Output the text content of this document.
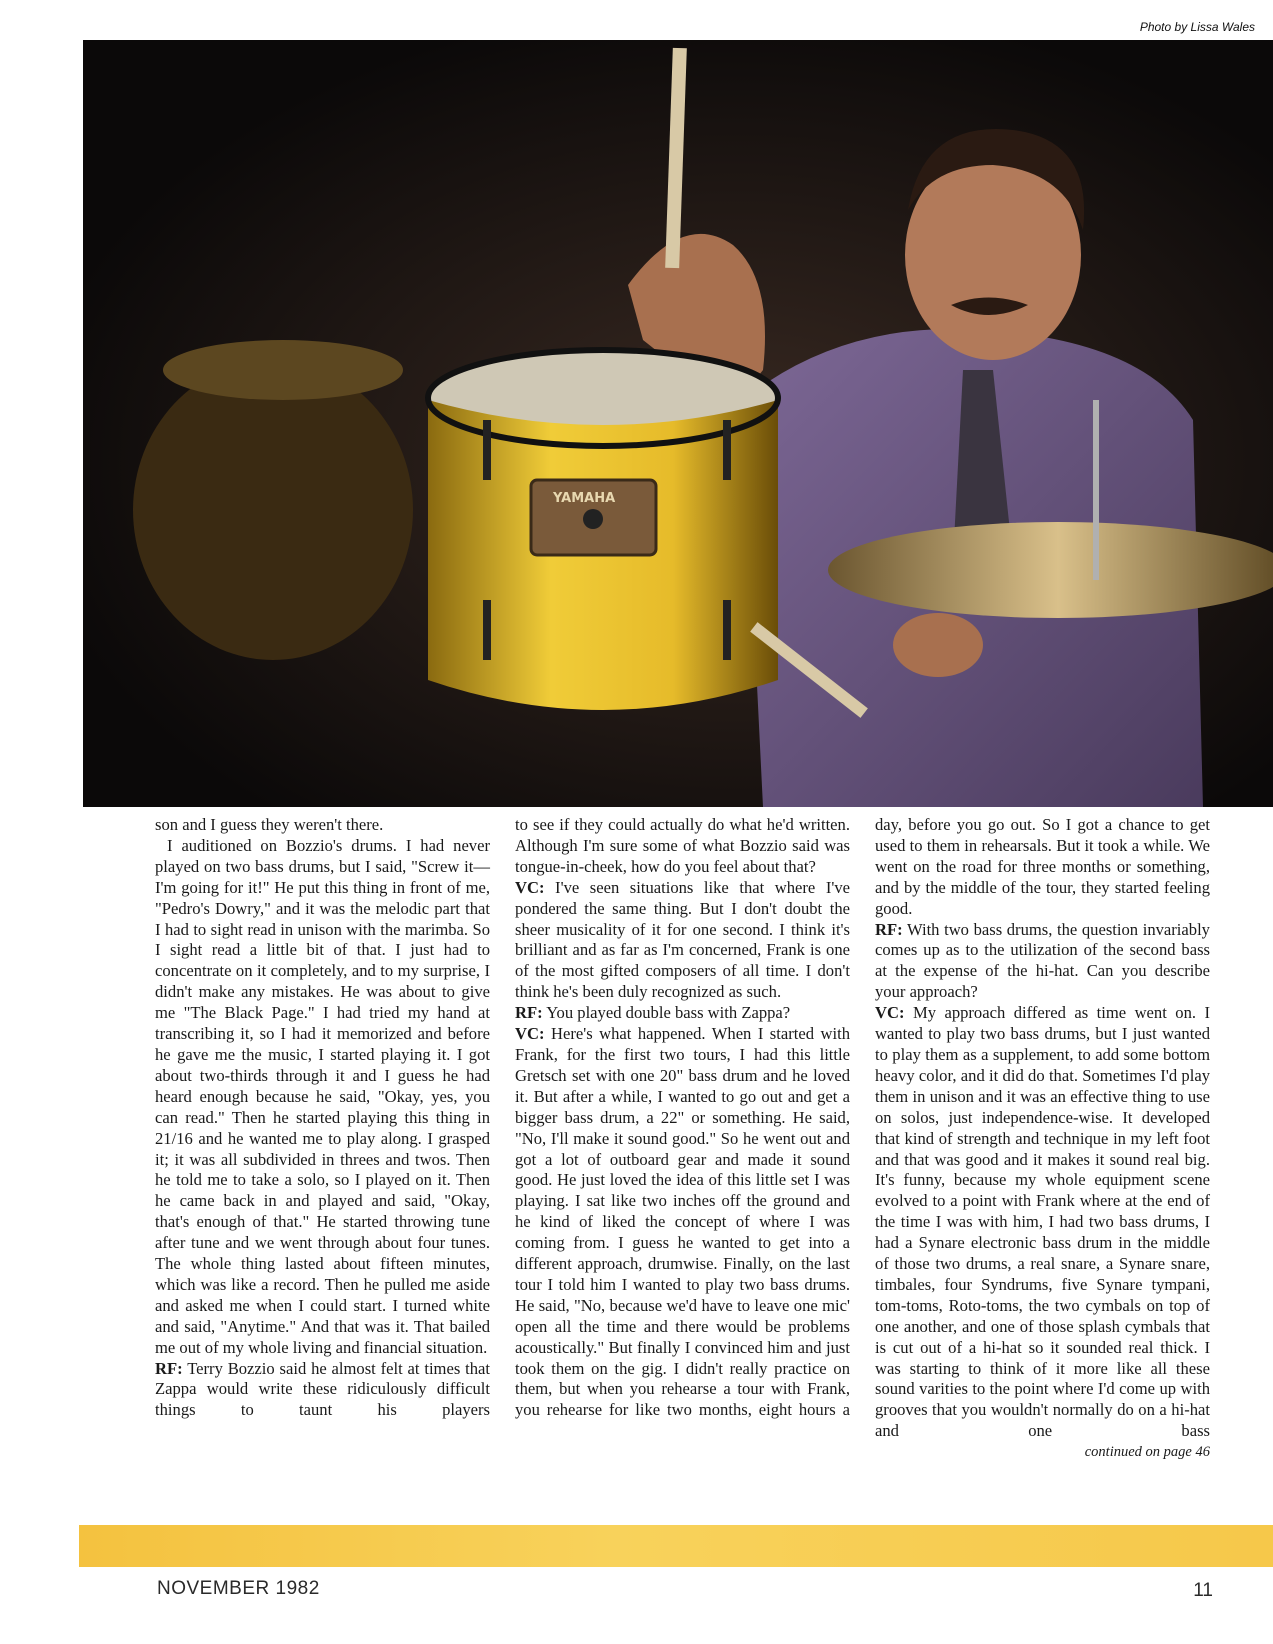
Photo by Lissa Wales
YAMAHA

son and I guess they weren't there.

I auditioned on Bozzio's drums. I had never played on two bass drums, but I said, "Screw it—I'm going for it!" He put this thing in front of me, "Pedro's Dowry," and it was the melodic part that I had to sight read in unison with the marimba. So I sight read a little bit of that. I just had to concentrate on it completely, and to my surprise, I didn't make any mistakes. He was about to give me "The Black Page." I had tried my hand at transcribing it, so I had it memorized and before he gave me the music, I started playing it. I got about two-thirds through it and I guess he had heard enough because he said, "Okay, yes, you can read." Then he started playing this thing in 21/16 and he wanted me to play along. I grasped it; it was all subdivided in threes and twos. Then he told me to take a solo, so I played on it. Then he came back in and played and said, "Okay, that's enough of that." He started throwing tune after tune and we went through about four tunes. The whole thing lasted about fifteen minutes, which was like a record. Then he pulled me aside and asked me when I could start. I turned white and said, "Anytime." And that was it. That bailed me out of my whole living and financial situation.

RF: Terry Bozzio said he almost felt at times that Zappa would write these ridiculously difficult things to taunt his players

to see if they could actually do what he'd written. Although I'm sure some of what Bozzio said was tongue-in-cheek, how do you feel about that?

VC: I've seen situations like that where I've pondered the same thing. But I don't doubt the sheer musicality of it for one second. I think it's brilliant and as far as I'm concerned, Frank is one of the most gifted composers of all time. I don't think he's been duly recognized as such.

RF: You played double bass with Zappa?

VC: Here's what happened. When I started with Frank, for the first two tours, I had this little Gretsch set with one 20" bass drum and he loved it. But after a while, I wanted to go out and get a bigger bass drum, a 22" or something. He said, "No, I'll make it sound good." So he went out and got a lot of outboard gear and made it sound good. He just loved the idea of this little set I was playing. I sat like two inches off the ground and he kind of liked the concept of where I was coming from. I guess he wanted to get into a different approach, drumwise. Finally, on the last tour I told him I wanted to play two bass drums. He said, "No, because we'd have to leave one mic' open all the time and there would be problems acoustically." But finally I convinced him and just took them on the gig. I didn't really practice on them, but when you rehearse a tour with Frank, you rehearse for like two months, eight hours a

day, before you go out. So I got a chance to get used to them in rehearsals. But it took a while. We went on the road for three months or something, and by the middle of the tour, they started feeling good.

RF: With two bass drums, the question invariably comes up as to the utilization of the second bass at the expense of the hi-hat. Can you describe your approach?

VC: My approach differed as time went on. I wanted to play two bass drums, but I just wanted to play them as a supplement, to add some bottom heavy color, and it did do that. Sometimes I'd play them in unison and it was an effective thing to use on solos, just independence-wise. It developed that kind of strength and technique in my left foot and that was good and it makes it sound real big. It's funny, because my whole equipment scene evolved to a point with Frank where at the end of the time I was with him, I had two bass drums, I had a Synare electronic bass drum in the middle of those two drums, a real snare, a Synare snare, timbales, four Syndrums, five Synare tympani, tom-toms, Roto-toms, the two cymbals on top of one another, and one of those splash cymbals that is cut out of a hi-hat so it sounded real thick. I was starting to think of it more like all these sound varities to the point where I'd come up with grooves that you wouldn't normally do on a hi-hat and one bass

continued on page 46

NOVEMBER 1982	11
